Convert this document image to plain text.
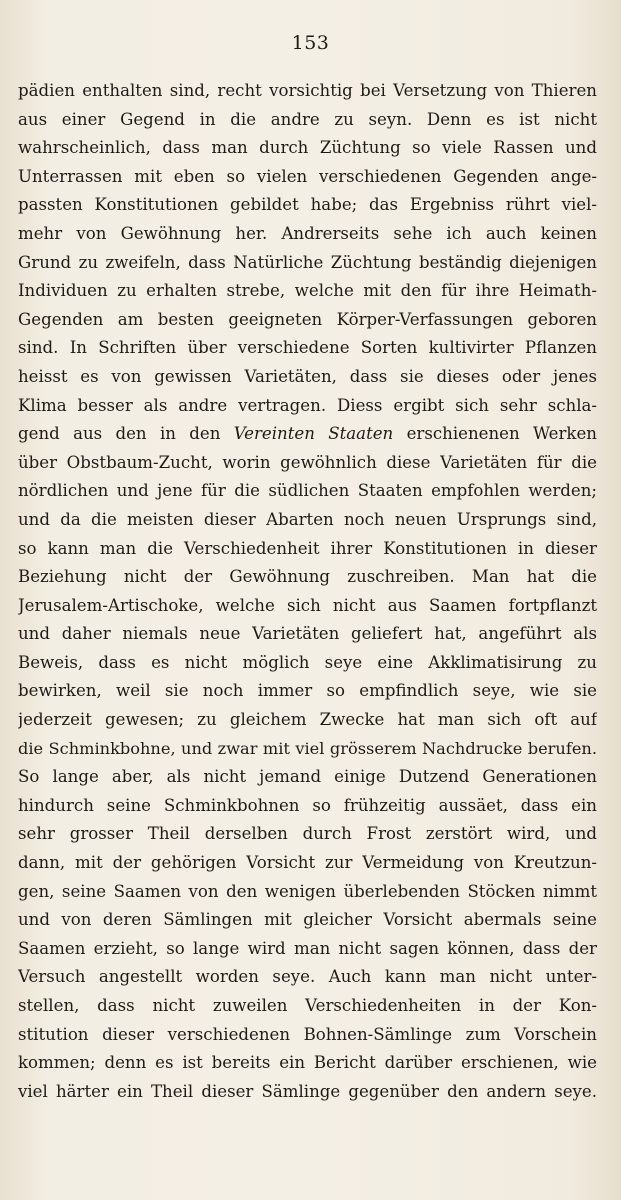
153
pädien enthalten sind, recht vorsichtig bei Versetzung von Thieren
aus einer Gegend in die andre zu seyn. Denn es ist nicht
wahrscheinlich, dass man durch Züchtung so viele Rassen und
Unterrassen mit eben so vielen verschiedenen Gegenden ange-
passten Konstitutionen gebildet habe; das Ergebniss rührt viel-
mehr von Gewöhnung her. Andrerseits sehe ich auch keinen
Grund zu zweifeln, dass Natürliche Züchtung beständig diejenigen
Individuen zu erhalten strebe, welche mit den für ihre Heimath-
Gegenden am besten geeigneten Körper-Verfassungen geboren
sind. In Schriften über verschiedene Sorten kultivirter Pflanzen
heisst es von gewissen Varietäten, dass sie dieses oder jenes
Klima besser als andre vertragen. Diess ergibt sich sehr schla-
gend aus den in den Vereinten Staaten erschienenen Werken
über Obstbaum-Zucht, worin gewöhnlich diese Varietäten für die
nördlichen und jene für die südlichen Staaten empfohlen werden;
und da die meisten dieser Abarten noch neuen Ursprungs sind,
so kann man die Verschiedenheit ihrer Konstitutionen in dieser
Beziehung nicht der Gewöhnung zuschreiben. Man hat die
Jerusalem-Artischoke, welche sich nicht aus Saamen fortpflanzt
und daher niemals neue Varietäten geliefert hat, angeführt als
Beweis, dass es nicht möglich seye eine Akklimatisirung zu
bewirken, weil sie noch immer so empfindlich seye, wie sie
jederzeit gewesen; zu gleichem Zwecke hat man sich oft auf
die Schminkbohne, und zwar mit viel grösserem Nachdrucke berufen.
So lange aber, als nicht jemand einige Dutzend Generationen
hindurch seine Schminkbohnen so frühzeitig aussäet, dass ein
sehr grosser Theil derselben durch Frost zerstört wird, und
dann, mit der gehörigen Vorsicht zur Vermeidung von Kreutzun-
gen, seine Saamen von den wenigen überlebenden Stöcken nimmt
und von deren Sämlingen mit gleicher Vorsicht abermals seine
Saamen erzieht, so lange wird man nicht sagen können, dass der
Versuch angestellt worden seye. Auch kann man nicht unter-
stellen, dass nicht zuweilen Verschiedenheiten in der Kon-
stitution dieser verschiedenen Bohnen-Sämlinge zum Vorschein
kommen; denn es ist bereits ein Bericht darüber erschienen, wie
viel härter ein Theil dieser Sämlinge gegenüber den andern seye.
